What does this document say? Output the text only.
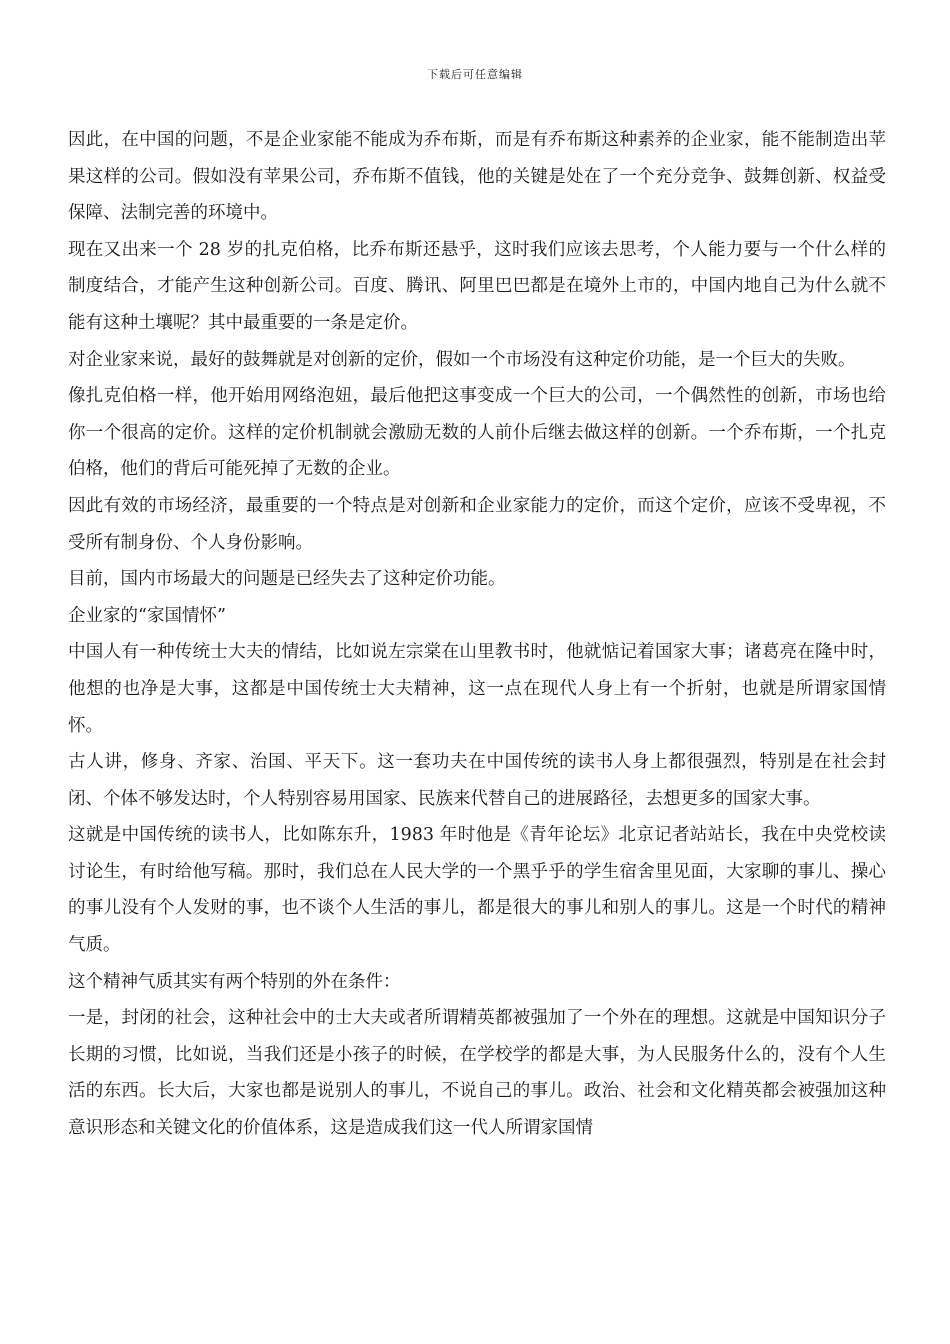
下载后可任意编辑

因此，在中国的问题，不是企业家能不能成为乔布斯，而是有乔布斯这种素养的企业家，能不能制造出苹果这样的公司。假如没有苹果公司，乔布斯不值钱，他的关键是处在了一个充分竞争、鼓舞创新、权益受保障、法制完善的环境中。

现在又出来一个 28 岁的扎克伯格，比乔布斯还悬乎，这时我们应该去思考，个人能力要与一个什么样的制度结合，才能产生这种创新公司。百度、腾讯、阿里巴巴都是在境外上市的，中国内地自己为什么就不能有这种土壤呢？其中最重要的一条是定价。

对企业家来说，最好的鼓舞就是对创新的定价，假如一个市场没有这种定价功能，是一个巨大的失败。

像扎克伯格一样，他开始用网络泡妞，最后他把这事变成一个巨大的公司，一个偶然性的创新，市场也给你一个很高的定价。这样的定价机制就会激励无数的人前仆后继去做这样的创新。一个乔布斯，一个扎克伯格，他们的背后可能死掉了无数的企业。

因此有效的市场经济，最重要的一个特点是对创新和企业家能力的定价，而这个定价，应该不受卑视，不受所有制身份、个人身份影响。

目前，国内市场最大的问题是已经失去了这种定价功能。

企业家的“家国情怀”

中国人有一种传统士大夫的情结，比如说左宗棠在山里教书时，他就惦记着国家大事；诸葛亮在隆中时，他想的也净是大事，这都是中国传统士大夫精神，这一点在现代人身上有一个折射，也就是所谓家国情怀。

古人讲，修身、齐家、治国、平天下。这一套功夫在中国传统的读书人身上都很强烈，特别是在社会封闭、个体不够发达时，个人特别容易用国家、民族来代替自己的进展路径，去想更多的国家大事。

这就是中国传统的读书人，比如陈东升，1983 年时他是《青年论坛》北京记者站站长，我在中央党校读讨论生，有时给他写稿。那时，我们总在人民大学的一个黑乎乎的学生宿舍里见面，大家聊的事儿、操心的事儿没有个人发财的事，也不谈个人生活的事儿，都是很大的事儿和别人的事儿。这是一个时代的精神气质。

这个精神气质其实有两个特别的外在条件：

一是，封闭的社会，这种社会中的士大夫或者所谓精英都被强加了一个外在的理想。这就是中国知识分子长期的习惯，比如说，当我们还是小孩子的时候，在学校学的都是大事，为人民服务什么的，没有个人生活的东西。长大后，大家也都是说别人的事儿，不说自己的事儿。政治、社会和文化精英都会被强加这种意识形态和关键文化的价值体系，这是造成我们这一代人所谓家国情
